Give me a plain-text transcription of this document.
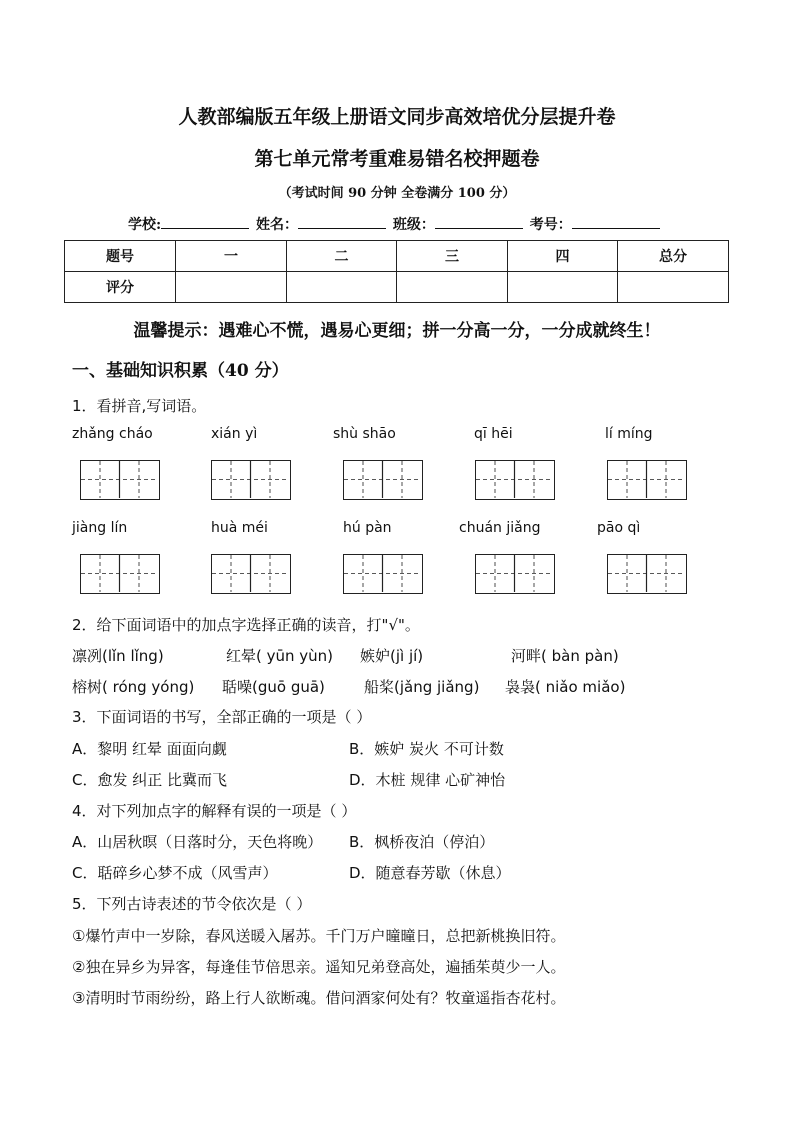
人教部编版五年级上册语文同步高效培优分层提升卷
第七单元常考重难易错名校押题卷
（考试时间 90 分钟 全卷满分 100 分）
学校:	姓名：	班级：	考号：
题号	一	二	三	四	总分
评分					
温馨提示：遇难心不慌，遇易心更细；拼一分高一分，一分成就终生！
一、基础知识积累（40 分）
1．看拼音,写词语。
zhǎng cháo	xián yì	shù shāo	qī hēi	lí míng
jiàng lín	huà méi	hú pàn	chuán jiǎng	pāo qì
2．给下面词语中的加点字选择正确的读音，打"√"。
凛冽(lǐn lǐng)	红晕( yūn yùn) 嫉妒(jì jí)	河畔( bàn pàn)
榕树( róng yóng) 聒噪(guō guā)	船桨(jǎng jiǎng) 袅袅( niǎo miǎo)
3．下面词语的书写，全部正确的一项是（ ）
A．黎明 红晕 面面向觑	B．嫉妒 炭火 不可计数
C．愈发 纠正 比冀而飞	D．木桩 规律 心矿神怡
4．对下列加点字的解释有误的一项是（ ）
A．山居秋暝（日落时分，天色将晚） B．枫桥夜泊（停泊）
C．聒碎乡心梦不成（风雪声）	D．随意春芳歇（休息）
5．下列古诗表述的节令依次是（ ）
①爆竹声中一岁除，春风送暖入屠苏。千门万户曈曈日，总把新桃换旧符。
②独在异乡为异客，每逢佳节倍思亲。遥知兄弟登高处，遍插茱萸少一人。
③清明时节雨纷纷，路上行人欲断魂。借问酒家何处有？牧童遥指杏花村。
